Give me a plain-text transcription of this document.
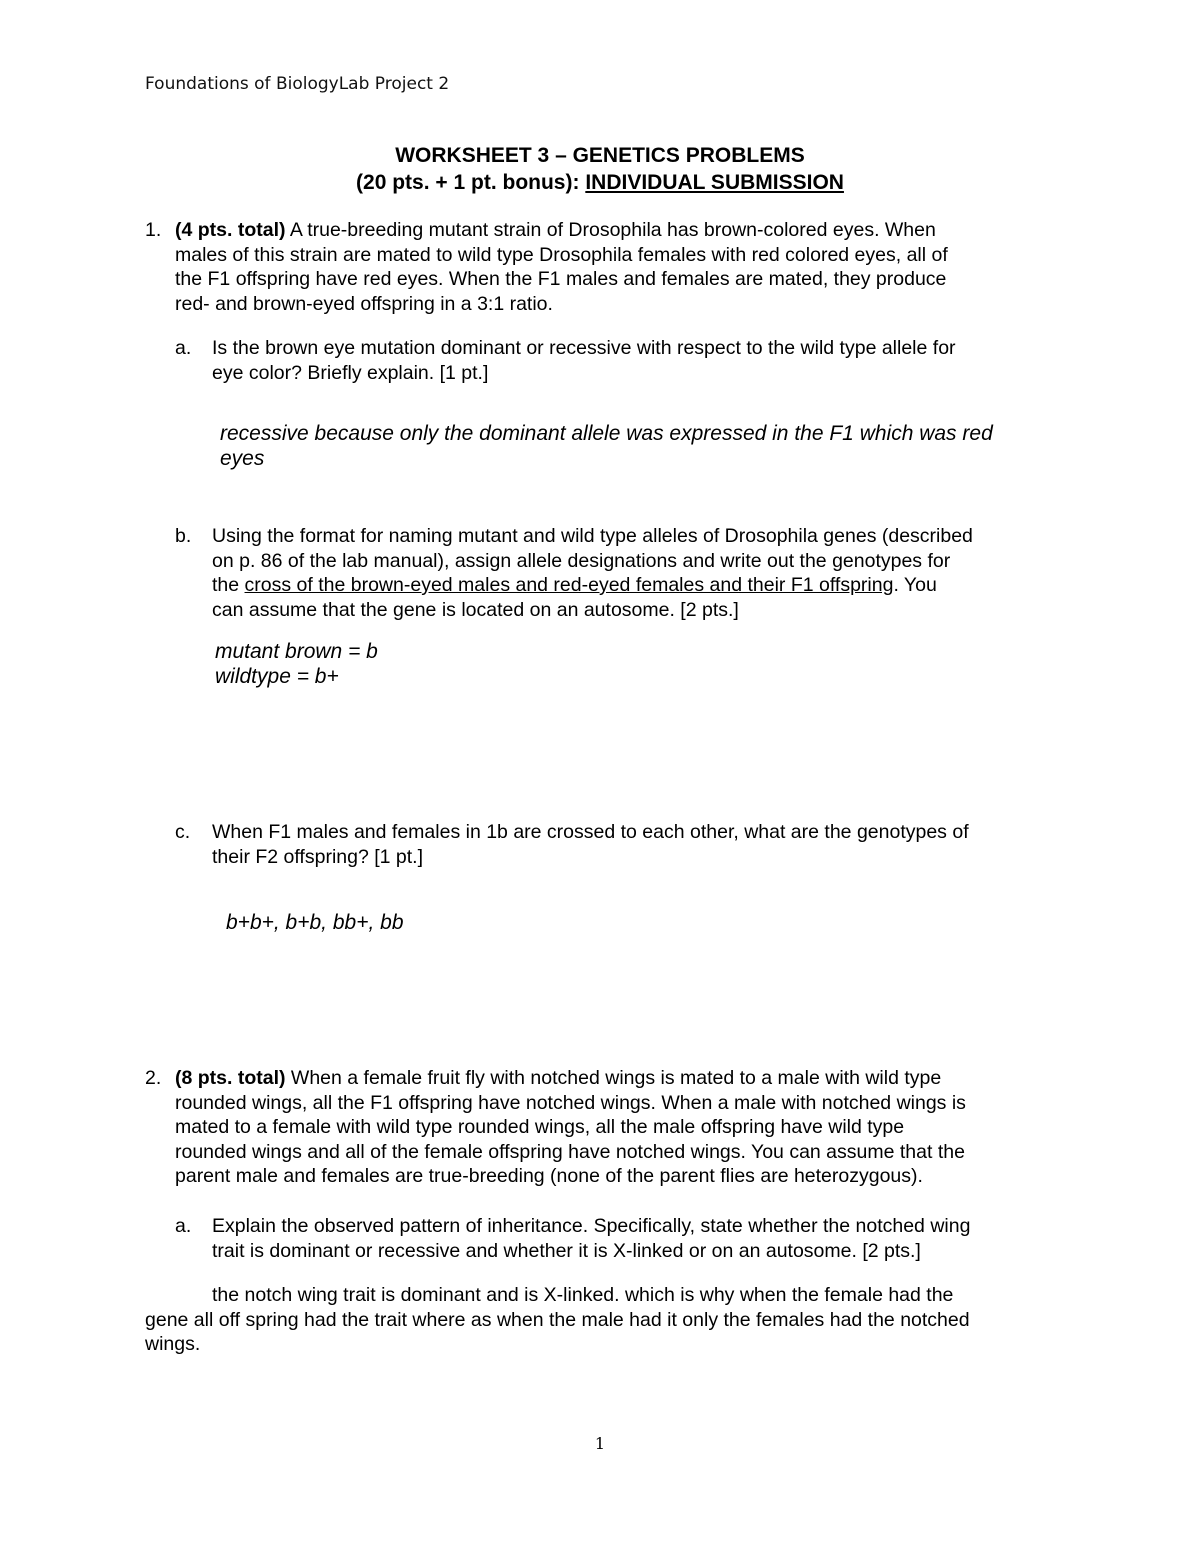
Foundations of BiologyLab Project 2
WORKSHEET 3 – GENETICS PROBLEMS
(20 pts. + 1 pt. bonus): INDIVIDUAL SUBMISSION
1. (4 pts. total) A true-breeding mutant strain of Drosophila has brown-colored eyes. When
males of this strain are mated to wild type Drosophila females with red colored eyes, all of
the F1 offspring have red eyes. When the F1 males and females are mated, they produce
red- and brown-eyed offspring in a 3:1 ratio.
a. Is the brown eye mutation dominant or recessive with respect to the wild type allele for
eye color? Briefly explain. [1 pt.]
recessive because only the dominant allele was expressed in the F1 which was red
eyes
b. Using the format for naming mutant and wild type alleles of Drosophila genes (described
on p. 86 of the lab manual), assign allele designations and write out the genotypes for
the cross of the brown-eyed males and red-eyed females and their F1 offspring. You
can assume that the gene is located on an autosome. [2 pts.]
mutant brown = b
wildtype = b+
c. When F1 males and females in 1b are crossed to each other, what are the genotypes of
their F2 offspring? [1 pt.]
b+b+, b+b, bb+, bb
2. (8 pts. total) When a female fruit fly with notched wings is mated to a male with wild type
rounded wings, all the F1 offspring have notched wings. When a male with notched wings is
mated to a female with wild type rounded wings, all the male offspring have wild type
rounded wings and all of the female offspring have notched wings. You can assume that the
parent male and females are true-breeding (none of the parent flies are heterozygous).
a. Explain the observed pattern of inheritance. Specifically, state whether the notched wing
trait is dominant or recessive and whether it is X-linked or on an autosome. [2 pts.]
the notch wing trait is dominant and is X-linked. which is why when the female had the
gene all off spring had the trait where as when the male had it only the females had the notched
wings.
1
